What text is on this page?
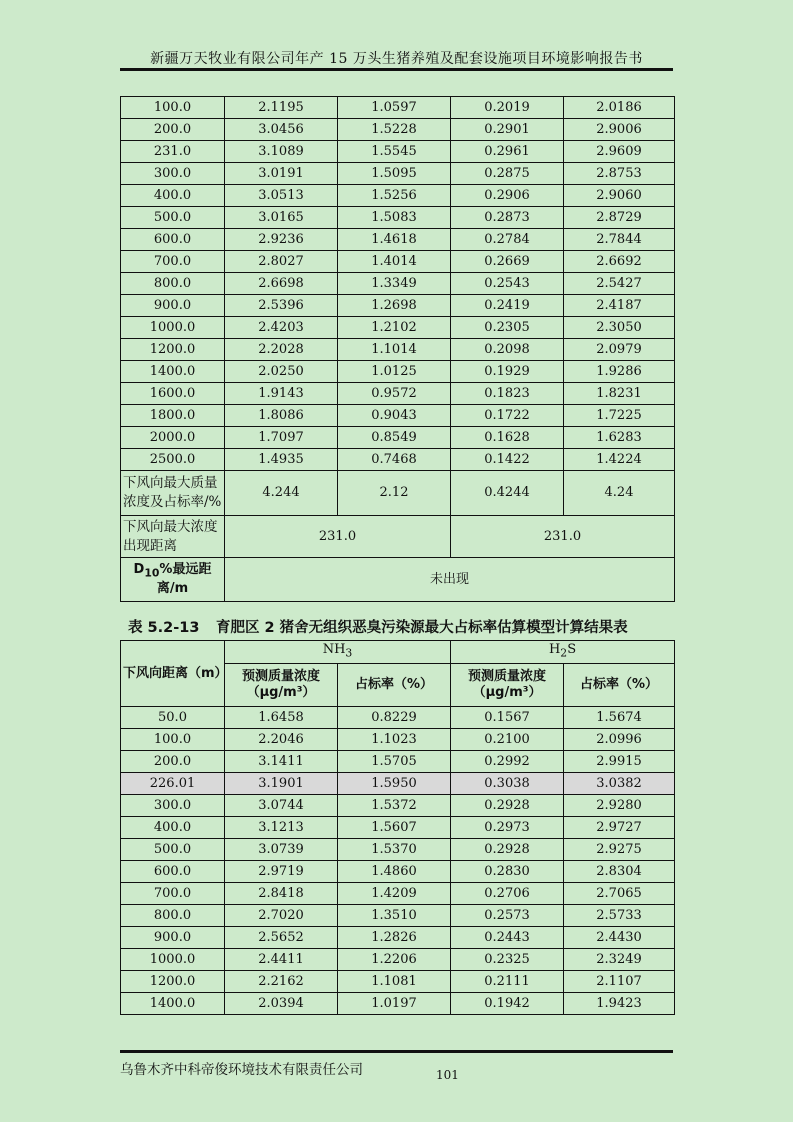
新疆万天牧业有限公司年产 15 万头生猪养殖及配套设施项目环境影响报告书
100.0	2.1195	1.0597	0.2019	2.0186
200.0	3.0456	1.5228	0.2901	2.9006
231.0	3.1089	1.5545	0.2961	2.9609
300.0	3.0191	1.5095	0.2875	2.8753
400.0	3.0513	1.5256	0.2906	2.9060
500.0	3.0165	1.5083	0.2873	2.8729
600.0	2.9236	1.4618	0.2784	2.7844
700.0	2.8027	1.4014	0.2669	2.6692
800.0	2.6698	1.3349	0.2543	2.5427
900.0	2.5396	1.2698	0.2419	2.4187
1000.0	2.4203	1.2102	0.2305	2.3050
1200.0	2.2028	1.1014	0.2098	2.0979
1400.0	2.0250	1.0125	0.1929	1.9286
1600.0	1.9143	0.9572	0.1823	1.8231
1800.0	1.8086	0.9043	0.1722	1.7225
2000.0	1.7097	0.8549	0.1628	1.6283
2500.0	1.4935	0.7468	0.1422	1.4224
下风向最大质量浓度及占标率/%	4.244	2.12	0.4244	4.24
下风向最大浓度出现距离	231.0		231.0	
$D_{10}\%$最远距离/m	未出现			
表 5.2-13 育肥区 2 猪舍无组织恶臭污染源最大占标率估算模型计算结果表
下风向距离（m）	$NH_3$		$H_2S$	
	预测质量浓度（μg/m³）	占标率（%）	预测质量浓度（μg/m³）	占标率（%）
50.0	1.6458	0.8229	0.1567	1.5674
100.0	2.2046	1.1023	0.2100	2.0996
200.0	3.1411	1.5705	0.2992	2.9915
226.01	3.1901	1.5950	0.3038	3.0382
300.0	3.0744	1.5372	0.2928	2.9280
400.0	3.1213	1.5607	0.2973	2.9727
500.0	3.0739	1.5370	0.2928	2.9275
600.0	2.9719	1.4860	0.2830	2.8304
700.0	2.8418	1.4209	0.2706	2.7065
800.0	2.7020	1.3510	0.2573	2.5733
900.0	2.5652	1.2826	0.2443	2.4430
1000.0	2.4411	1.2206	0.2325	2.3249
1200.0	2.2162	1.1081	0.2111	2.1107
1400.0	2.0394	1.0197	0.1942	1.9423
乌鲁木齐中科帝俊环境技术有限责任公司	101
